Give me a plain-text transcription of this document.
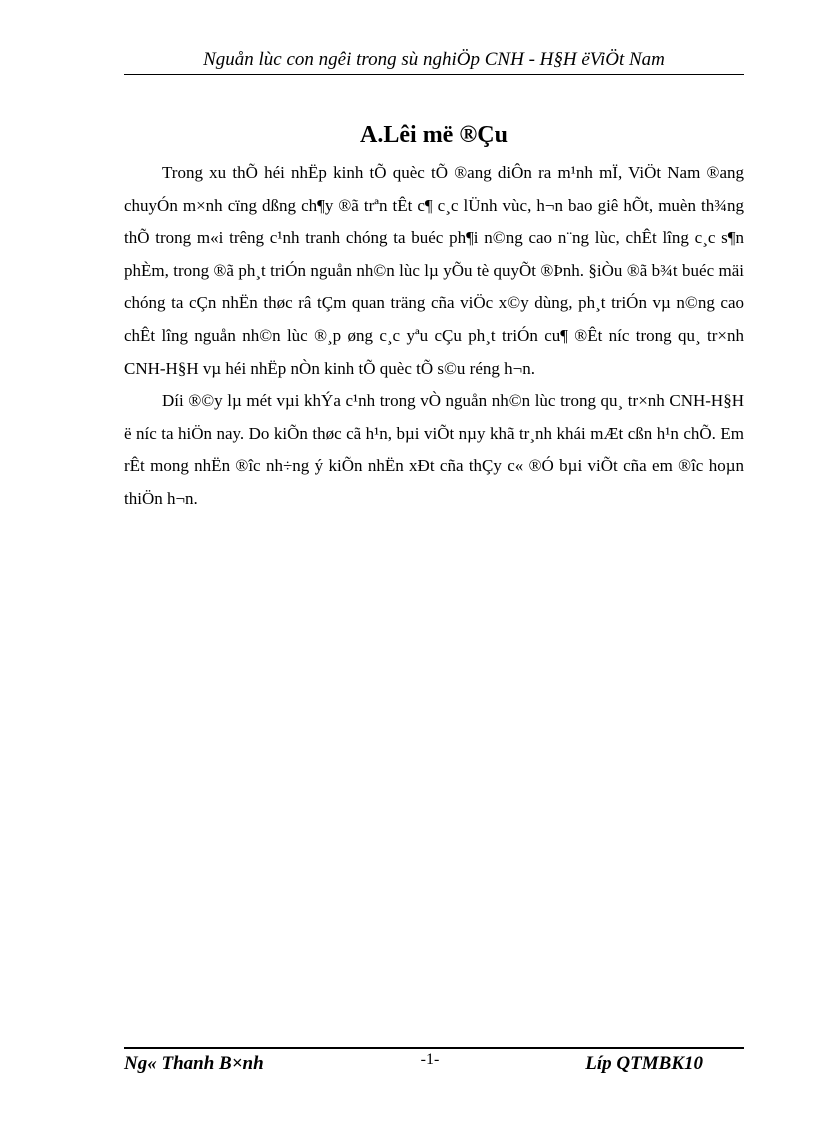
Nguån lùc con ngêi trong sù nghiÖp CNH - H§H ëViÖt Nam
A.Lêi më ®Çu

Trong xu thÕ héi nhËp kinh tÕ quèc tÕ ®ang diÔn ra m¹nh mÏ, ViÖt Nam ®ang chuyÓn m×nh cïng dßng ch¶y ®ã trªn tÊt c¶ c¸c lÜnh vùc, h¬n bao giê hÕt, muèn th¾ng thÕ trong m«i trêng c¹nh tranh chóng ta buéc ph¶i n©ng cao n¨ng lùc, chÊt lîng c¸c s¶n phÈm, trong ®ã ph¸t triÓn nguån nh©n lùc lµ yÕu tè quyÕt ®Þnh. §iÒu ®ã b¾t buéc mäi chóng ta cÇn nhËn thøc râ tÇm quan träng cña viÖc x©y dùng, ph¸t triÓn vµ n©ng cao chÊt lîng nguån nh©n lùc ®¸p øng c¸c yªu cÇu ph¸t triÓn cu¶ ®Êt níc trong qu¸ tr×nh CNH-H§H vµ héi nhËp nÒn kinh tÕ quèc tÕ s©u réng h¬n.

Díi ®©y lµ mét vµi khÝa c¹nh trong vÒ nguån nh©n lùc trong qu¸ tr×nh CNH-H§H ë níc ta hiÖn nay. Do kiÕn thøc cã h¹n, bµi viÕt nµy khã tr¸nh khái mÆt cßn h¹n chÕ. Em rÊt mong nhËn ®îc nh÷ng ý kiÕn nhËn xÐt cña thÇy c« ®Ó bµi viÕt cña em ®îc hoµn thiÖn h¬n.

Ng« Thanh B×nh	-1-	Líp QTMBK10
